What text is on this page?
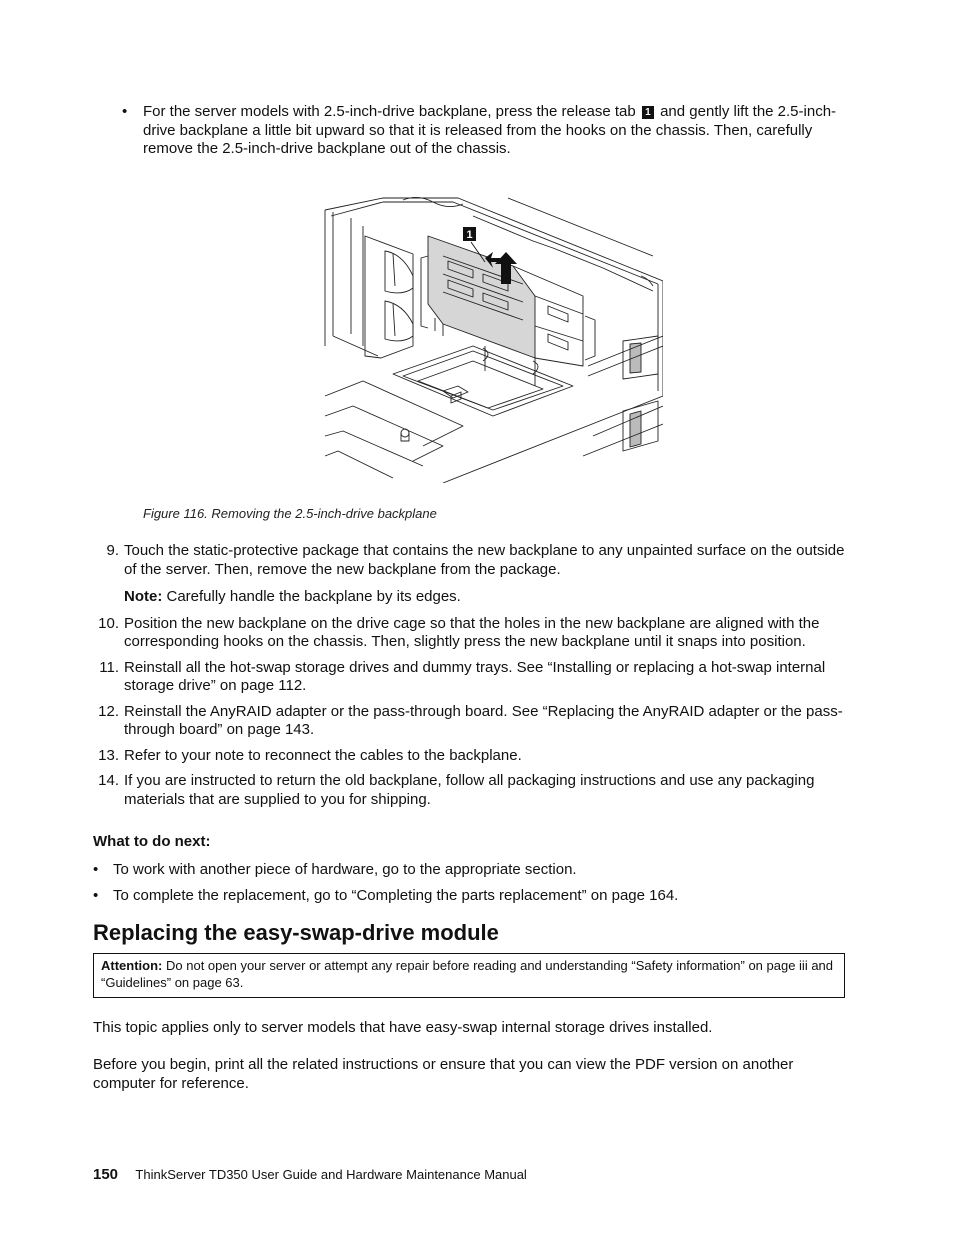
• For the server models with 2.5-inch-drive backplane, press the release tab 1 and gently lift the 2.5-inch-drive backplane a little bit upward so that it is released from the hooks on the chassis. Then, carefully remove the 2.5-inch-drive backplane out of the chassis.
1
Figure 116. Removing the 2.5-inch-drive backplane
9. Touch the static-protective package that contains the new backplane to any unpainted surface on the outside of the server. Then, remove the new backplane from the package.
Note: Carefully handle the backplane by its edges.
10. Position the new backplane on the drive cage so that the holes in the new backplane are aligned with the corresponding hooks on the chassis. Then, slightly press the new backplane until it snaps into position.
11. Reinstall all the hot-swap storage drives and dummy trays. See “Installing or replacing a hot-swap internal storage drive” on page 112.
12. Reinstall the AnyRAID adapter or the pass-through board. See “Replacing the AnyRAID adapter or the pass-through board” on page 143.
13. Refer to your note to reconnect the cables to the backplane.
14. If you are instructed to return the old backplane, follow all packaging instructions and use any packaging materials that are supplied to you for shipping.
What to do next:
• To work with another piece of hardware, go to the appropriate section.
• To complete the replacement, go to “Completing the parts replacement” on page 164.
Replacing the easy-swap-drive module
Attention: Do not open your server or attempt any repair before reading and understanding “Safety information” on page iii and “Guidelines” on page 63.
This topic applies only to server models that have easy-swap internal storage drives installed.
Before you begin, print all the related instructions or ensure that you can view the PDF version on another computer for reference.
150 ThinkServer TD350 User Guide and Hardware Maintenance Manual
